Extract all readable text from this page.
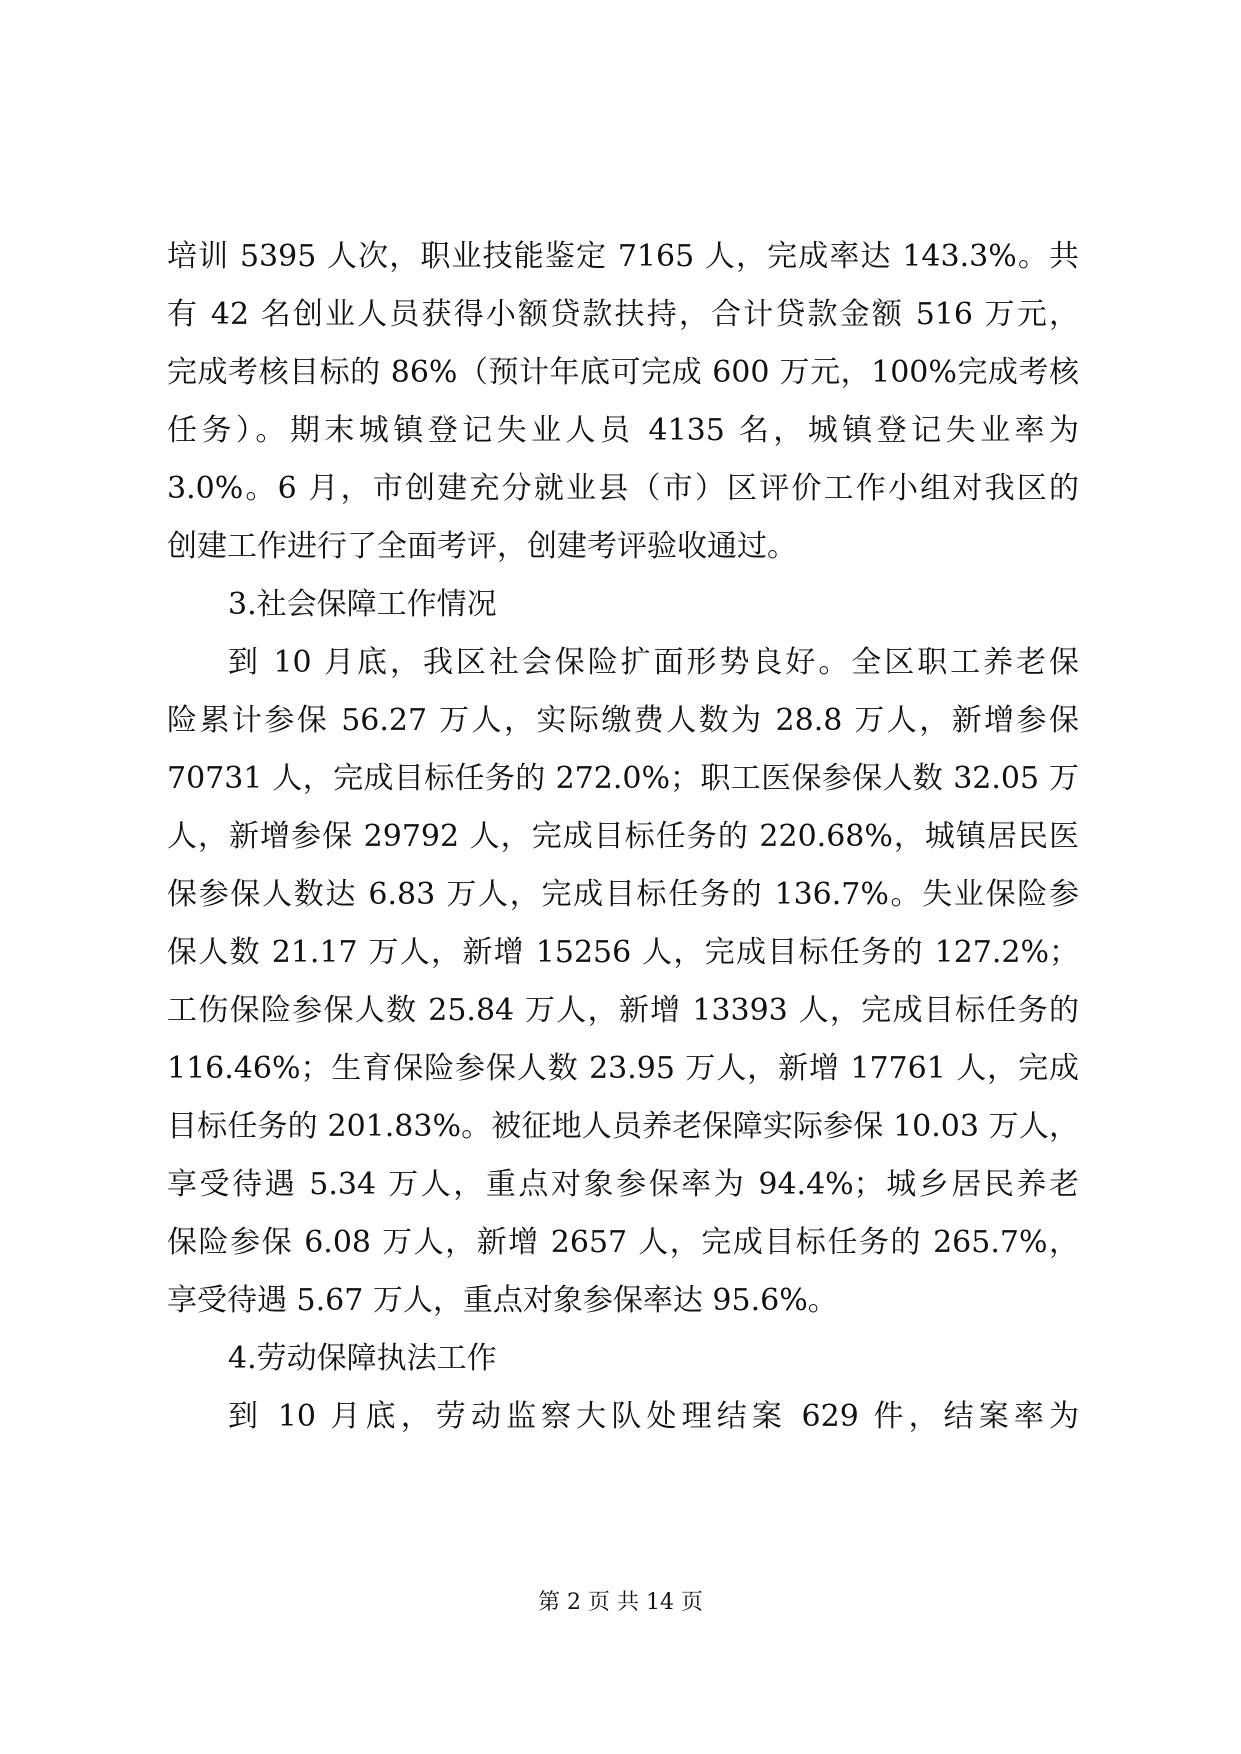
培训 5395 人次，职业技能鉴定 7165 人，完成率达 143.3%。共
有 42 名创业人员获得小额贷款扶持，合计贷款金额 516 万元，
完成考核目标的 86%（预计年底可完成 600 万元，100%完成考核
任务）。期末城镇登记失业人员 4135 名，城镇登记失业率为
3.0%。6 月，市创建充分就业县（市）区评价工作小组对我区的
创建工作进行了全面考评，创建考评验收通过。
3.社会保障工作情况
到 10 月底，我区社会保险扩面形势良好。全区职工养老保
险累计参保 56.27 万人，实际缴费人数为 28.8 万人，新增参保
70731 人，完成目标任务的 272.0%；职工医保参保人数 32.05 万
人，新增参保 29792 人，完成目标任务的 220.68%，城镇居民医
保参保人数达 6.83 万人，完成目标任务的 136.7%。失业保险参
保人数 21.17 万人，新增 15256 人，完成目标任务的 127.2%；
工伤保险参保人数 25.84 万人，新增 13393 人，完成目标任务的
116.46%；生育保险参保人数 23.95 万人，新增 17761 人，完成
目标任务的 201.83%。被征地人员养老保障实际参保 10.03 万人，
享受待遇 5.34 万人，重点对象参保率为 94.4%；城乡居民养老
保险参保 6.08 万人，新增 2657 人，完成目标任务的 265.7%，
享受待遇 5.67 万人，重点对象参保率达 95.6%。
4.劳动保障执法工作
到 10 月底，劳动监察大队处理结案 629 件，结案率为
第 2 页 共 14 页
